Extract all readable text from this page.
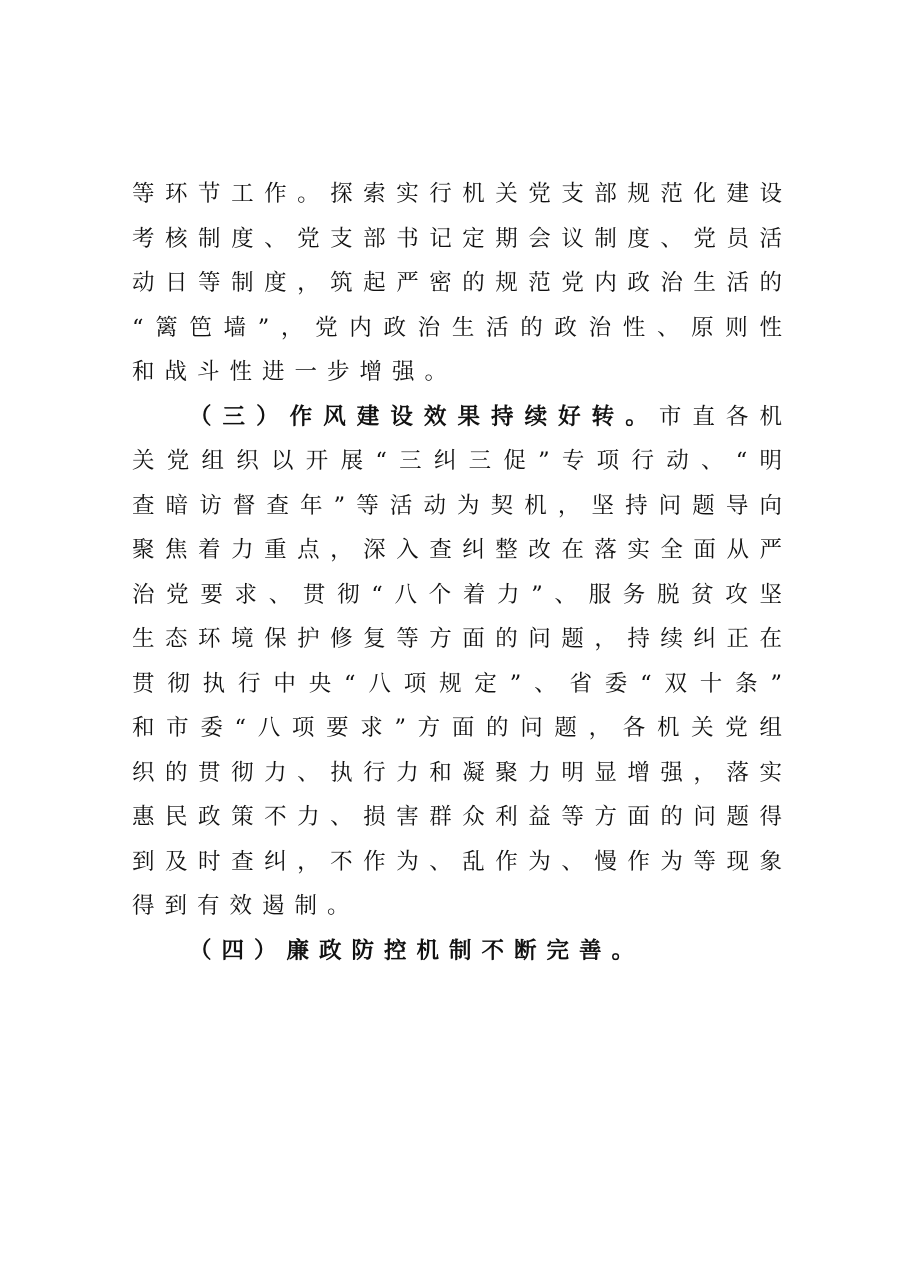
等环节工作。探索实行机关党支部规范化建设
考核制度、党支部书记定期会议制度、党员活
动日等制度，筑起严密的规范党内政治生活的
“篱笆墙”，党内政治生活的政治性、原则性
和战斗性进一步增强。
（三）作风建设效果持续好转。市直各机
关党组织以开展“三纠三促”专项行动、“明
查暗访督查年”等活动为契机，坚持问题导向
聚焦着力重点，深入查纠整改在落实全面从严
治党要求、贯彻“八个着力”、服务脱贫攻坚
生态环境保护修复等方面的问题，持续纠正在
贯彻执行中央“八项规定”、省委“双十条”
和市委“八项要求”方面的问题，各机关党组
织的贯彻力、执行力和凝聚力明显增强，落实
惠民政策不力、损害群众利益等方面的问题得
到及时查纠，不作为、乱作为、慢作为等现象
得到有效遏制。
（四）廉政防控机制不断完善。
